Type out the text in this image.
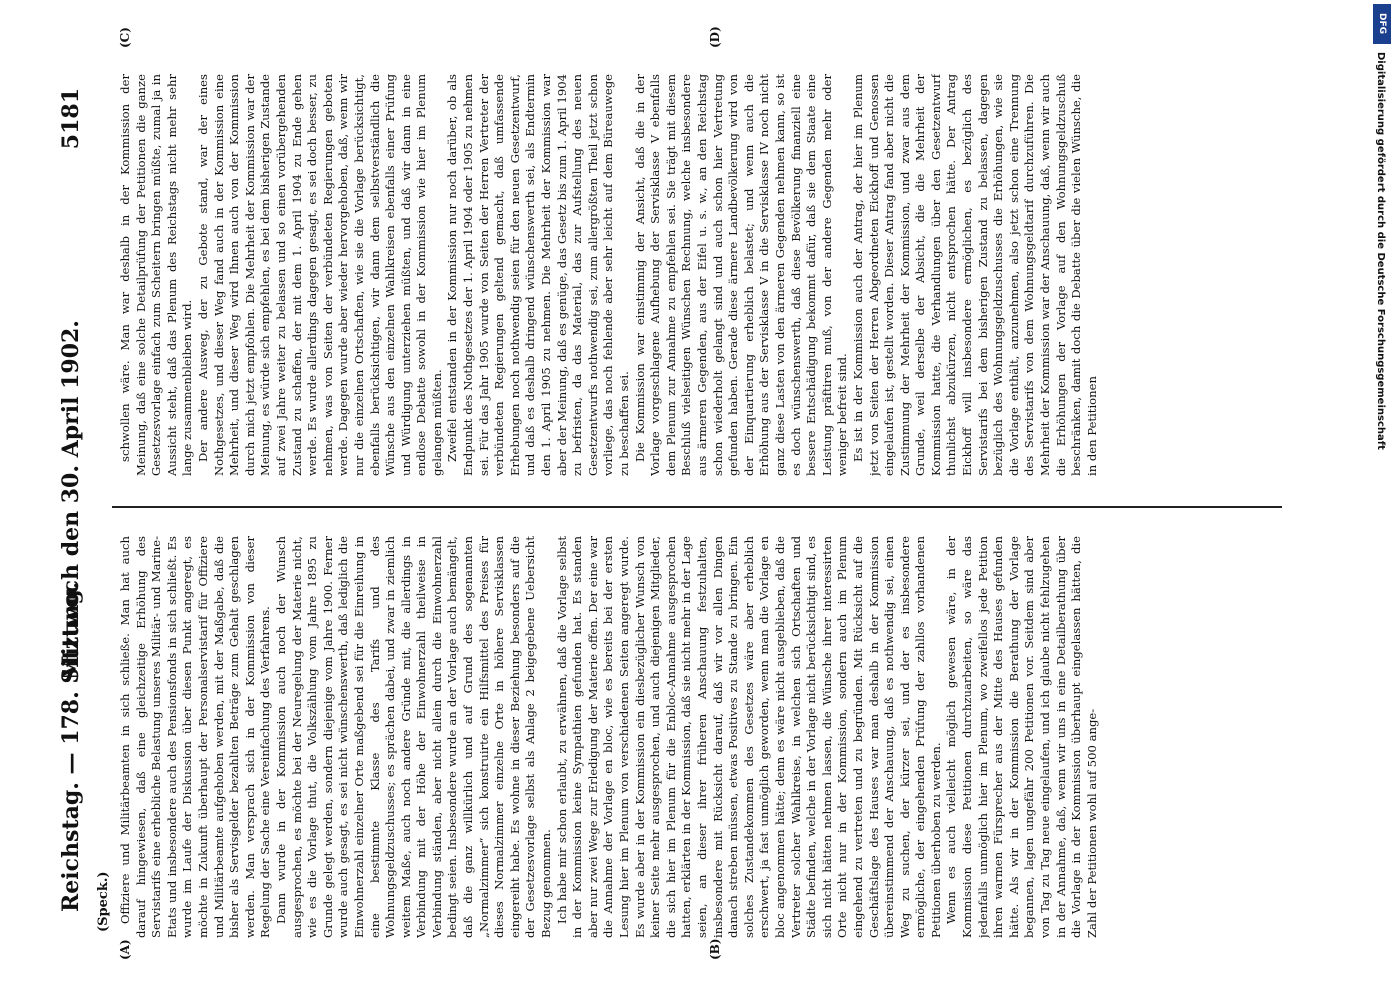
Reichstag. — 178. Sitzung.
Mittwoch den 30. April 1902.
5181
(Speck.)
(A)	(B)
(C)	(D)

Offiziere und Militärbeamten in sich schließe. Man hat auch darauf hingewiesen, daß eine gleichzeitige Erhöhung des Servistarifs eine erhebliche Belastung unseres Militär- und Marine-Etats und insbesondere auch des Pensionsfonds in sich schließt. Es wurde im Laufe der Diskussion über diesen Punkt angeregt, es möchte in Zukunft überhaupt der Personalservistarif für Offiziere und Militärbeamte aufgehoben werden, mit der Maßgabe, daß die bisher als Servisgelder bezahlten Beträge zum Gehalt geschlagen werden. Man versprach sich in der Kommission von dieser Regelung der Sache eine Vereinfachung des Verfahrens. Dann wurde in der Kommission auch noch der Wunsch ausgesprochen, es möchte bei der Neuregelung der Materie nicht, wie es die Vorlage thut, die Volkszählung vom Jahre 1895 zu Grunde gelegt werden, sondern diejenige vom Jahre 1900. Ferner wurde auch gesagt, es sei nicht wünschenswerth, daß lediglich die Einwohnerzahl einzelner Orte maßgebend sei für die Einreihung in eine bestimmte Klasse des Tarifs und des Wohnungsgeldzuschusses; es sprächen dabei, und zwar in ziemlich weitem Maße, auch noch andere Gründe mit, die allerdings in Verbindung mit der Höhe der Einwohnerzahl theilweise in Verbindung ständen, aber nicht allein durch die Einwohnerzahl bedingt seien. Insbesondere wurde an der Vorlage auch bemängelt, daß die ganz willkürlich und auf Grund des sogenannten „Normalzimmer“ sich konstruirte ein Hilfsmittel des Preises für dieses Normalzimmer einzelne Orte in höhere Servisklassen eingereiht habe. Es wohne in dieser Beziehung besonders auf die der Gesetzesvorlage selbst als Anlage 2 beigegebene Uebersicht Bezug genommen. Ich habe mir schon erlaubt, zu erwähnen, daß die Vorlage selbst in der Kommission keine Sympathien gefunden hat. Es standen aber nur zwei Wege zur Erledigung der Materie offen. Der eine war die Annahme der Vorlage en bloc, wie es bereits bei der ersten Lesung hier im Plenum von verschiedenen Seiten angeregt wurde. Es wurde aber in der Kommission ein diesbezüglicher Wunsch von keiner Seite mehr ausgesprochen, und auch diejenigen Mitglieder, die sich hier im Plenum für die Enbloc-Annahme ausgesprochen hatten, erklärten in der Kommission, daß sie nicht mehr in der Lage seien, an dieser ihrer früheren Anschauung festzuhalten, insbesondere mit Rücksicht darauf, daß wir vor allen Dingen danach streben müssen, etwas Positives zu Stande zu bringen. Ein solches Zustandekommen des Gesetzes wäre aber erheblich erschwert, ja fast unmöglich geworden, wenn man die Vorlage en bloc angenommen hätte; denn es wäre nicht ausgeblieben, daß die Vertreter solcher Wahlkreise, in welchen sich Ortschaften und Städte befinden, welche in der Vorlage nicht berücksichtigt sind, es sich nicht hätten nehmen lassen, die Wünsche ihrer interessirten Orte nicht nur in der Kommission, sondern auch im Plenum eingehend zu vertreten und zu begründen. Mit Rücksicht auf die Geschäftslage des Hauses war man deshalb in der Kommission übereinstimmend der Anschauung, daß es nothwendig sei, einen Weg zu suchen, der kürzer sei, und der es insbesondere ermögliche, der eingehenden Prüfung der zahllos vorhandenen Petitionen überhoben zu werden. Wenn es auch vielleicht möglich gewesen wäre, in der Kommission diese Petitionen durchzuarbeiten, so wäre das jedenfalls unmöglich hier im Plenum, wo zweifellos jede Petition ihren warmen Fürsprecher aus der Mitte des Hauses gefunden hätte. Als wir in der Kommission die Berathung der Vorlage begannen, lagen ungefähr 200 Petitionen vor. Seitdem sind aber von Tag zu Tag neue eingelaufen, und ich glaube nicht fehlzugehen in der Annahme, daß, wenn wir uns in eine Detailberathung über die Vorlage in der Kommission überhaupt eingelassen hätten, die Zahl der Petitionen wohl auf 500 ange-

schwollen wäre. Man war deshalb in der Kommission der Meinung, daß eine solche Detailprüfung der Petitionen die ganze Gesetzesvorlage einfach zum Scheitern bringen müßte, zumal ja in Aussicht steht, daß das Plenum des Reichstags nicht mehr sehr lange zusammenbleiben wird. Der andere Ausweg, der zu Gebote stand, war der eines Nothgesetzes, und dieser Weg fand auch in der Kommission eine Mehrheit, und dieser Weg wird Ihnen auch von der Kommission durch mich jetzt empfohlen. Die Mehrheit der Kommission war der Meinung, es würde sich empfehlen, es bei dem bisherigen Zustande auf zwei Jahre weiter zu belassen und so einen vorübergehenden Zustand zu schaffen, der mit dem 1. April 1904 zu Ende gehen werde. Es wurde allerdings dagegen gesagt, es sei doch besser, zu nehmen, was von Seiten der verbündeten Regierungen geboten werde. Dagegen wurde aber wieder hervorgehoben, daß, wenn wir nur die einzelnen Ortschaften, wie sie die Vorlage berücksichtigt, ebenfalls berücksichtigen, wir dann dem selbstverständlich die Wünsche aus den einzelnen Wahlkreisen ebenfalls einer Prüfung und Würdigung unterziehen müßten, und daß wir dann in eine endlose Debatte sowohl in der Kommission wie hier im Plenum gelangen müßten. Zweifel entstanden in der Kommission nur noch darüber, ob als Endpunkt des Nothgesetzes der 1. April 1904 oder 1905 zu nehmen sei. Für das Jahr 1905 wurde von Seiten der Herren Vertreter der verbündeten Regierungen geltend gemacht, daß umfassende Erhebungen noch nothwendig seien für den neuen Gesetzentwurf, und daß es deshalb dringend wünschenswerth sei, als Endtermin den 1. April 1905 zu nehmen. Die Mehrheit der Kommission war aber der Meinung, daß es genüge, das Gesetz bis zum 1. April 1904 zu befristen, da das Material, das zur Aufstellung des neuen Gesetzentwurfs nothwendig sei, zum allergrößten Theil jetzt schon vorliege, das noch fehlende aber sehr leicht auf dem Büreauwege zu beschaffen sei. Die Kommission war einstimmig der Ansicht, daß die in der Vorlage vorgeschlagene Aufhebung der Servisklasse V ebenfalls dem Plenum zur Annahme zu empfehlen sei. Sie trägt mit diesem Beschluß vielseitigen Wünschen Rechnung, welche insbesondere aus ärmeren Gegenden, aus der Eifel u. s. w., an den Reichstag schon wiederholt gelangt sind und auch schon hier Vertretung gefunden haben. Gerade diese ärmere Landbevölkerung wird von der Einquartierung erheblich belastet; und wenn auch die Erhöhung aus der Servisklasse V in die Servisklasse IV noch nicht ganz diese Lasten von den ärmeren Gegenden nehmen kann, so ist es doch wünschenswerth, daß diese Bevölkerung finanziell eine bessere Entschädigung bekommt dafür, daß sie dem Staate eine Leistung präftiren muß, von der andere Gegenden mehr oder weniger befreit sind. Es ist in der Kommission auch der Antrag, der hier im Plenum jetzt von Seiten der Herren Abgeordneten Eickhoff und Genossen eingelaufen ist, gestellt worden. Dieser Antrag fand aber nicht die Zustimmung der Mehrheit der Kommission, und zwar aus dem Grunde, weil derselbe der Absicht, die die Mehrheit der Kommission hatte, die Verhandlungen über den Gesetzentwurf thunlichst abzukürzen, nicht entsprochen hätte. Der Antrag Eickhoff will insbesondere ermöglichen, es bezüglich des Servistarifs bei dem bisherigen Zustand zu belassen, dagegen bezüglich des Wohnungsgeldzuschusses die Erhöhungen, wie sie die Vorlage enthält, anzunehmen, also jetzt schon eine Trennung des Servistarifs von dem Wohnungsgeldtarif durchzuführen. Die Mehrheit der Kommission war der Anschauung, daß, wenn wir auch die Erhöhungen der Vorlage auf den Wohnungsgeldzuschuß beschränken, damit doch die Debatte über die vielen Wünsche, die in den Petitionen

DFG
Digitalisierung gefördert durch die Deutsche Forschungsgemeinschaft
